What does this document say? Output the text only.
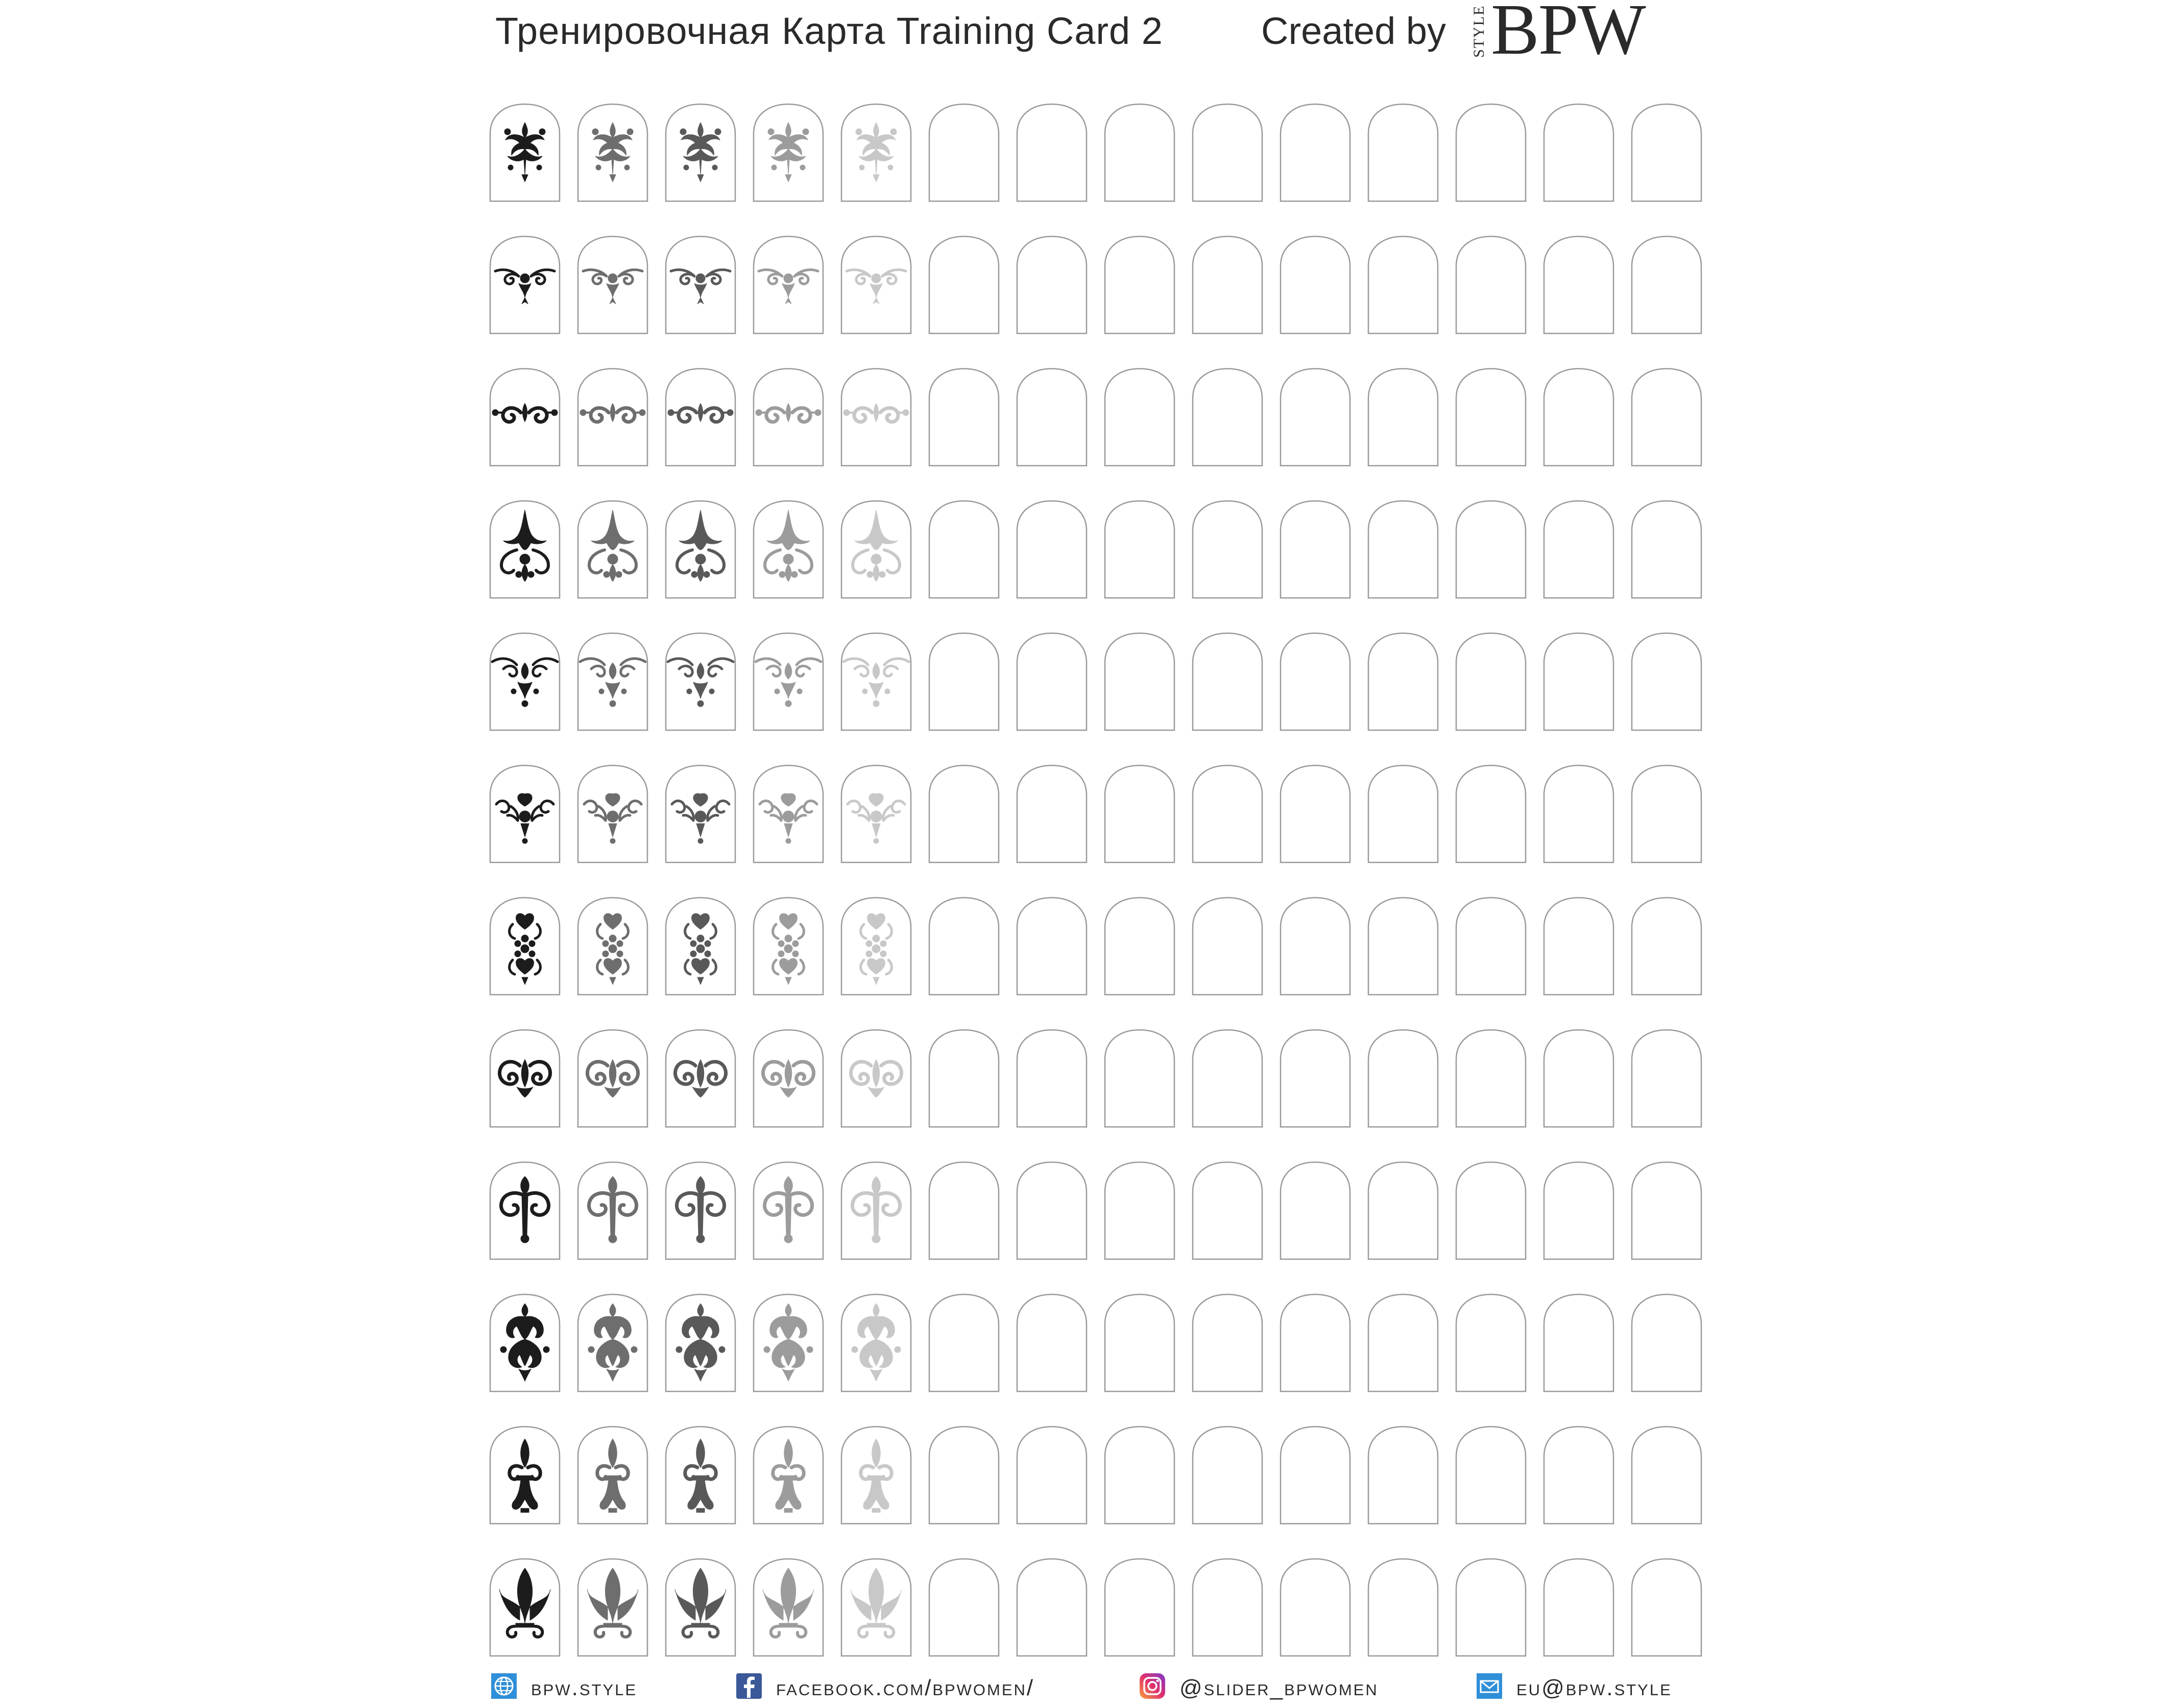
Тренировочная Карта Training Card 2	Created by STYLE BPW
bpw.style	facebook.com/bpwomen/	@slider_bpwomen	eu@bpw.style
